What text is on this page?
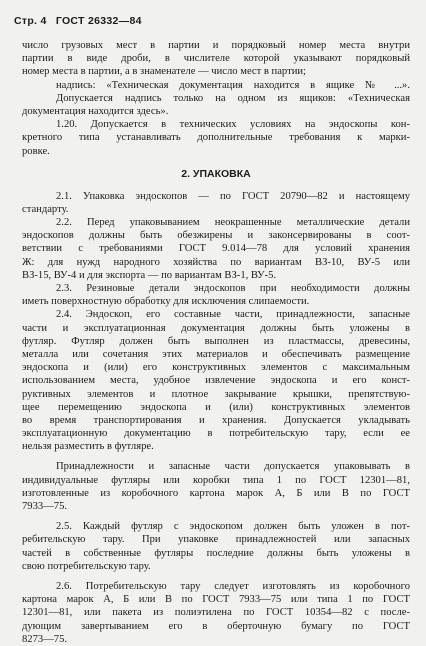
Стр. 4 ГОСТ 26332—84
число грузовых мест в партии и порядковый номер места внутри
партии в виде дроби, в числителе которой указывают порядковый
номер места в партии, а в знаменателе — число мест в партии;
надпись: «Техническая документация находится в ящике № ...».
Допускается надпись только на одном из ящиков: «Техническая
документация находится здесь».
1.20. Допускается в технических условиях на эндоскопы кон-
кретного типа устанавливать дополнительные требования к марки-
ровке.
2. УПАКОВКА
2.1. Упаковка эндоскопов — по ГОСТ 20790—82 и настоящему
стандарту.
2.2. Перед упаковыванием неокрашенные металлические детали
эндоскопов должны быть обезжирены и законсервированы в соот-
ветствии с требованиями ГОСТ 9.014—78 для условий хранения
Ж: для нужд народного хозяйства по вариантам ВЗ-10, ВУ-5 или
ВЗ-15, ВУ-4 и для экспорта — по вариантам ВЗ-1, ВУ-5.
2.3. Резиновые детали эндоскопов при необходимости должны
иметь поверхностную обработку для исключения слипаемости.
2.4. Эндоскоп, его составные части, принадлежности, запасные
части и эксплуатационная документация должны быть уложены в
футляр. Футляр должен быть выполнен из пластмассы, древесины,
металла или сочетания этих материалов и обеспечивать размещение
эндоскопа и (или) его конструктивных элементов с максимальным
использованием места, удобное извлечение эндоскопа и его конст-
руктивных элементов и плотное закрывание крышки, препятствую-
щее перемещению эндоскопа и (или) конструктивных элементов
во время транспортирования и хранения. Допускается укладывать
эксплуатационную документацию в потребительскую тару, если ее
нельзя разместить в футляре.
Принадлежности и запасные части допускается упаковывать в
индивидуальные футляры или коробки типа 1 по ГОСТ 12301—81,
изготовленные из коробочного картона марок А, Б или В по ГОСТ
7933—75.
2.5. Каждый футляр с эндоскопом должен быть уложен в пот-
ребительскую тару. При упаковке принадлежностей или запасных
частей в собственные футляры последние должны быть уложены в
свою потребительскую тару.
2.6. Потребительскую тару следует изготовлять из коробочного
картона марок А, Б или В по ГОСТ 7933—75 или типа 1 по ГОСТ
12301—81, или пакета из полиэтилена по ГОСТ 10354—82 с после-
дующим завертыванием его в оберточную бумагу по ГОСТ
8273—75.
